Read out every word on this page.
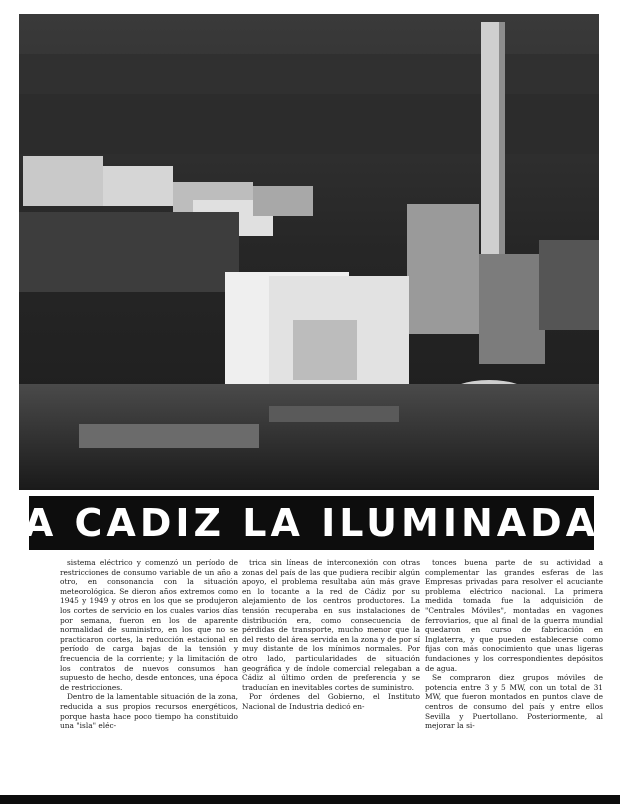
A CADIZ LA ILUMINADA

sistema eléctrico y comenzó un período de restricciones de consumo variable de un año a otro, en consonancia con la situación meteorológica. Se dieron años extremos como 1945 y 1949 y otros en los que se produjeron los cortes de servicio en los cuales varios días por semana, fueron en los de aparente normalidad de suministro, en los que no se practicaron cortes, la reducción estacional en período de carga bajas de la tensión y frecuencia de la corriente; y la limitación de los contratos de nuevos consumos han supuesto de hecho, desde entonces, una época de restricciones.

Dentro de la lamentable situación de la zona, reducida a sus propios recursos energéticos, porque hasta hace poco tiempo ha constituido una "isla" eléc-

trica sin líneas de interconexión con otras zonas del país de las que pudiera recibir algún apoyo, el problema resultaba aún más grave en lo tocante a la red de Cádiz por su alejamiento de los centros productores. La tensión recuperaba en sus instalaciones de distribución era, como consecuencia de pérdidas de transporte, mucho menor que la del resto del área servida en la zona y de por sí muy distante de los mínimos normales. Por otro lado, particularidades de situación geográfica y de índole comercial relegaban a Cádiz al último orden de preferencia y se traducían en inevitables cortes de suministro.

Por órdenes del Gobierno, el Instituto Nacional de Industria dedicó en-

tonces buena parte de su actividad a complementar las grandes esferas de las Empresas privadas para resolver el acuciante problema eléctrico nacional. La primera medida tomada fue la adquisición de "Centrales Móviles", montadas en vagones ferroviarios, que al final de la guerra mundial quedaron en curso de fabricación en Inglaterra, y que pueden establecerse como fijas con más conocimiento que unas ligeras fundaciones y los correspondientes depósitos de agua.

Se compraron diez grupos móviles de potencia entre 3 y 5 MW, con un total de 31 MW, que fueron montados en puntos clave de centros de consumo del país y entre ellos Sevilla y Puertollano. Posteriormente, al mejorar la si-
